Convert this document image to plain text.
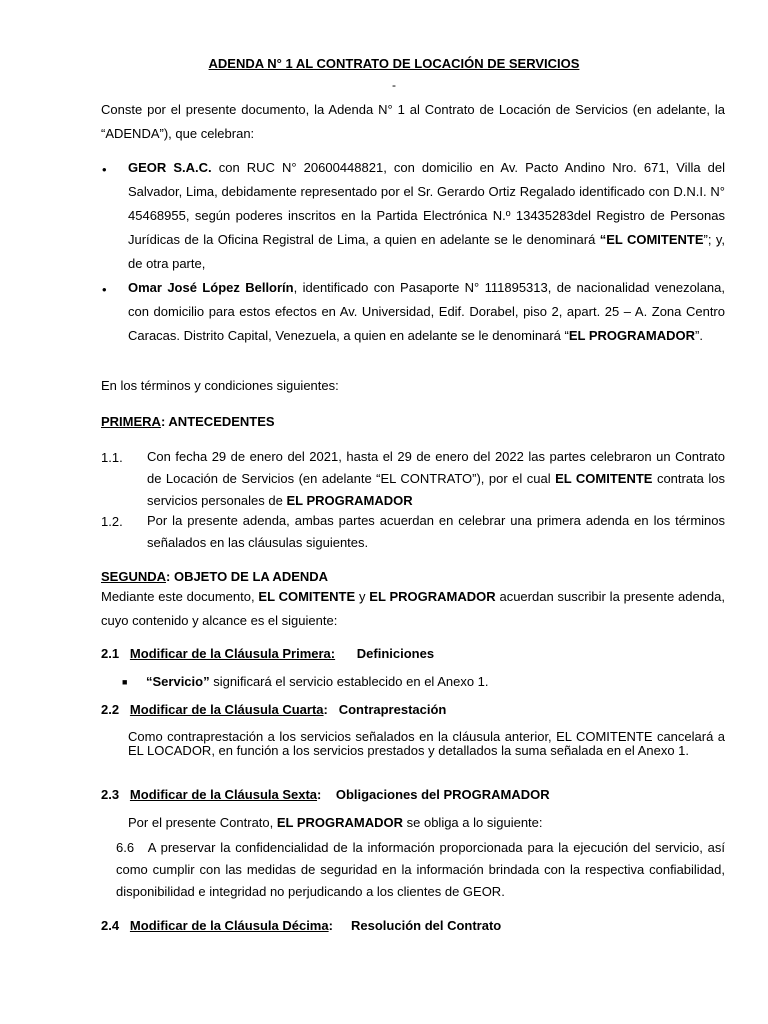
ADENDA N° 1 AL CONTRATO DE LOCACIÓN DE SERVICIOS
-
Conste por el presente documento, la Adenda N° 1 al Contrato de Locación de Servicios (en adelante, la “ADENDA”), que celebran:
• GEOR S.A.C. con RUC N° 20600448821, con domicilio en Av. Pacto Andino Nro. 671, Villa del Salvador, Lima, debidamente representado por el Sr. Gerardo Ortiz Regalado identificado con D.N.I. N° 45468955, según poderes inscritos en la Partida Electrónica N.º 13435283del Registro de Personas Jurídicas de la Oficina Registral de Lima, a quien en adelante se le denominará “EL COMITENTE”; y, de otra parte,
• Omar José López Bellorín, identificado con Pasaporte N° 111895313, de nacionalidad venezolana, con domicilio para estos efectos en Av. Universidad, Edif. Dorabel, piso 2, apart. 25 – A. Zona Centro Caracas. Distrito Capital, Venezuela, a quien en adelante se le denominará “EL PROGRAMADOR”.
En los términos y condiciones siguientes:
PRIMERA: ANTECEDENTES
1.1. Con fecha 29 de enero del 2021, hasta el 29 de enero del 2022 las partes celebraron un Contrato de Locación de Servicios (en adelante “EL CONTRATO”), por el cual EL COMITENTE contrata los servicios personales de EL PROGRAMADOR
1.2. Por la presente adenda, ambas partes acuerdan en celebrar una primera adenda en los términos señalados en las cláusulas siguientes.
SEGUNDA: OBJETO DE LA ADENDA
Mediante este documento, EL COMITENTE y EL PROGRAMADOR acuerdan suscribir la presente adenda, cuyo contenido y alcance es el siguiente:
2.1 Modificar de la Cláusula Primera: Definiciones
■ “Servicio” significará el servicio establecido en el Anexo 1.
2.2 Modificar de la Cláusula Cuarta: Contraprestación
Como contraprestación a los servicios señalados en la cláusula anterior, EL COMITENTE cancelará a EL LOCADOR, en función a los servicios prestados y detallados la suma señalada en el Anexo 1.
2.3 Modificar de la Cláusula Sexta: Obligaciones del PROGRAMADOR
Por el presente Contrato, EL PROGRAMADOR se obliga a lo siguiente:
6.6   A preservar la confidencialidad de la información proporcionada para la ejecución del servicio, así como cumplir con las medidas de seguridad en la información brindada con la respectiva confiabilidad, disponibilidad e integridad no perjudicando a los clientes de GEOR.
2.4 Modificar de la Cláusula Décima: Resolución del Contrato
